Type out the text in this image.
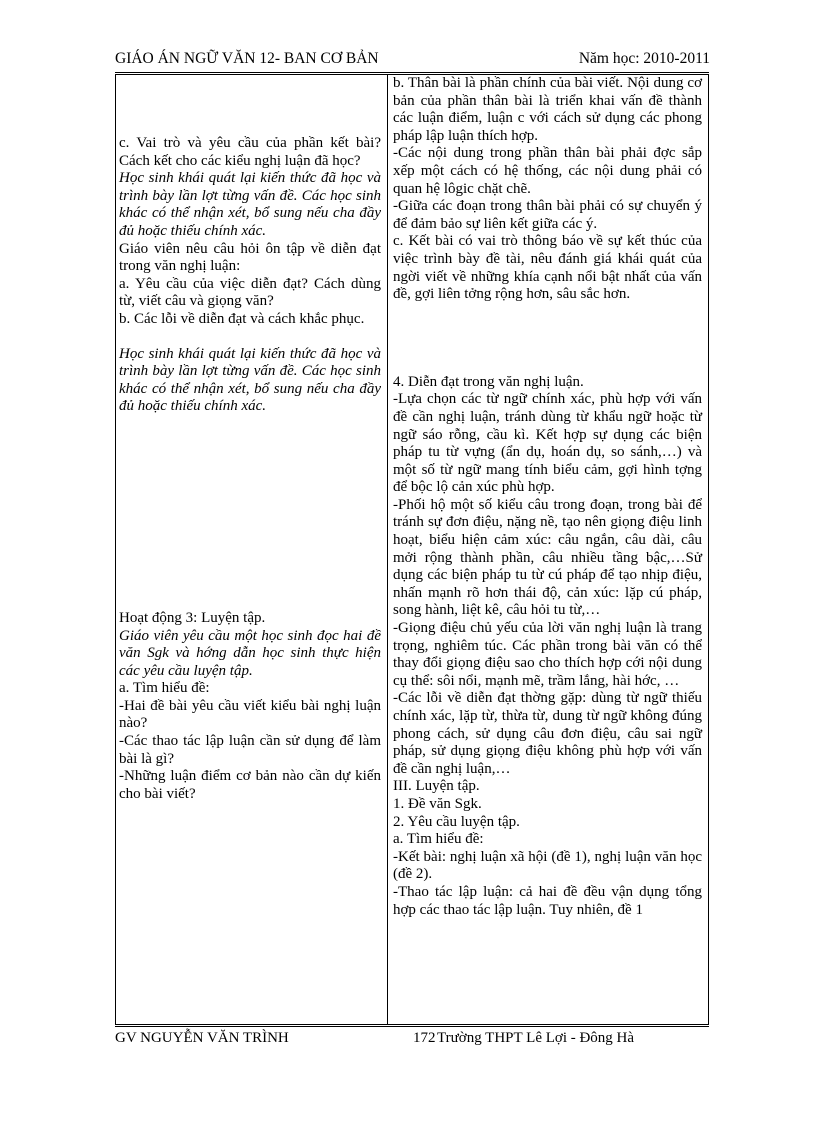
GIÁO ÁN NGỮ VĂN 12- BAN CƠ BẢN	Năm học: 2010-2011

c. Vai trò và yêu cầu của phần kết bài? Cách kết cho các kiểu nghị luận đã học?

Học sinh khái quát lại kiến thức đã học và trình bày lần lợt từng vấn đề. Các học sinh khác có thể nhận xét, bổ sung nếu cha đầy đủ hoặc thiếu chính xác.

Giáo viên nêu câu hỏi ôn tập về diễn đạt trong văn nghị luận:

a. Yêu cầu của việc diễn đạt? Cách dùng từ, viết câu và giọng văn?

b. Các lỗi về diễn đạt và cách khắc phục.

Học sinh khái quát lại kiến thức đã học và trình bày lần lợt từng vấn đề. Các học sinh khác có thể nhận xét, bổ sung nếu cha đầy đủ hoặc thiếu chính xác.

Hoạt động 3: Luyện tập.

Giáo viên yêu cầu một học sinh đọc hai đề văn Sgk và hớng dẫn học sinh thực hiện các yêu cầu luyện tập.

a. Tìm hiểu đề:

-Hai đề bài yêu cầu viết kiểu bài nghị luận nào?

-Các thao tác lập luận cần sử dụng để làm bài là gì?

-Những luận điểm cơ bản nào cần dự kiến cho bài viết?

b. Thân bài là phần chính của bài viết. Nội dung cơ bản của phần thân bài là triển khai vấn đề thành các luận điểm, luận c với cách sử dụng các phong pháp lập luận thích hợp.

-Các nội dung trong phần thân bài phải đợc sắp xếp một cách có hệ thống, các nội dung phải có quan hệ lôgic chặt chẽ.

-Giữa các đoạn trong thân bài phải có sự chuyển ý để đảm bảo sự liên kết giữa các ý.

c. Kết bài có vai trò thông báo về sự kết thúc của việc trình bày đề tài, nêu đánh giá khái quát của ngời viết về những khía cạnh nổi bật nhất của vấn đề, gợi liên tởng rộng hơn, sâu sắc hơn.

4. Diễn đạt trong văn nghị luận.

-Lựa chọn các từ ngữ chính xác, phù hợp với vấn đề cần nghị luận, tránh dùng từ khẩu ngữ hoặc từ ngữ sáo rỗng, cầu kì. Kết hợp sự dụng các biện pháp tu từ vựng (ẩn dụ, hoán dụ, so sánh,…) và một số từ ngữ mang tính biểu cảm, gợi hình tợng để bộc lộ cản xúc phù hợp.

-Phối hộ một số kiểu câu trong đoạn, trong bài để tránh sự đơn điệu, nặng nề, tạo nên giọng điệu linh hoạt, biểu hiện cảm xúc: câu ngắn, câu dài, câu mởi rộng thành phần, câu nhiều tầng bậc,…Sử dụng các biện pháp tu từ cú pháp để tạo nhịp điệu, nhấn mạnh rõ hơn thái độ, cản xúc: lặp cú pháp, song hành, liệt kê, câu hỏi tu từ,…

-Giọng điệu chủ yếu của lời văn nghị luận là trang trọng, nghiêm túc. Các phần trong bài văn có thể thay đổi giọng điệu sao cho thích hợp cới nội dung cụ thể: sôi nổi, mạnh mẽ, trầm lắng, hài hớc, …

-Các lỗi về diễn đạt thờng gặp: dùng từ ngữ thiếu chính xác, lặp từ, thừa từ, dung từ ngữ không đúng phong cách, sử dụng câu đơn điệu, câu sai ngữ pháp, sử dụng giọng điệu không phù hợp với vấn đề cần nghị luận,…

III. Luyện tập.

1. Đề văn Sgk.

2. Yêu cầu luyện tập.

a. Tìm hiểu đề:

-Kết bài: nghị luận xã hội (đề 1), nghị luận văn học (đề 2).

-Thao tác lập luận: cả hai đề đều vận dụng tổng hợp các thao tác lập luận. Tuy nhiên, đề 1

GV NGUYỄN VĂN TRÌNH	172 Trường THPT Lê Lợi - Đông Hà
